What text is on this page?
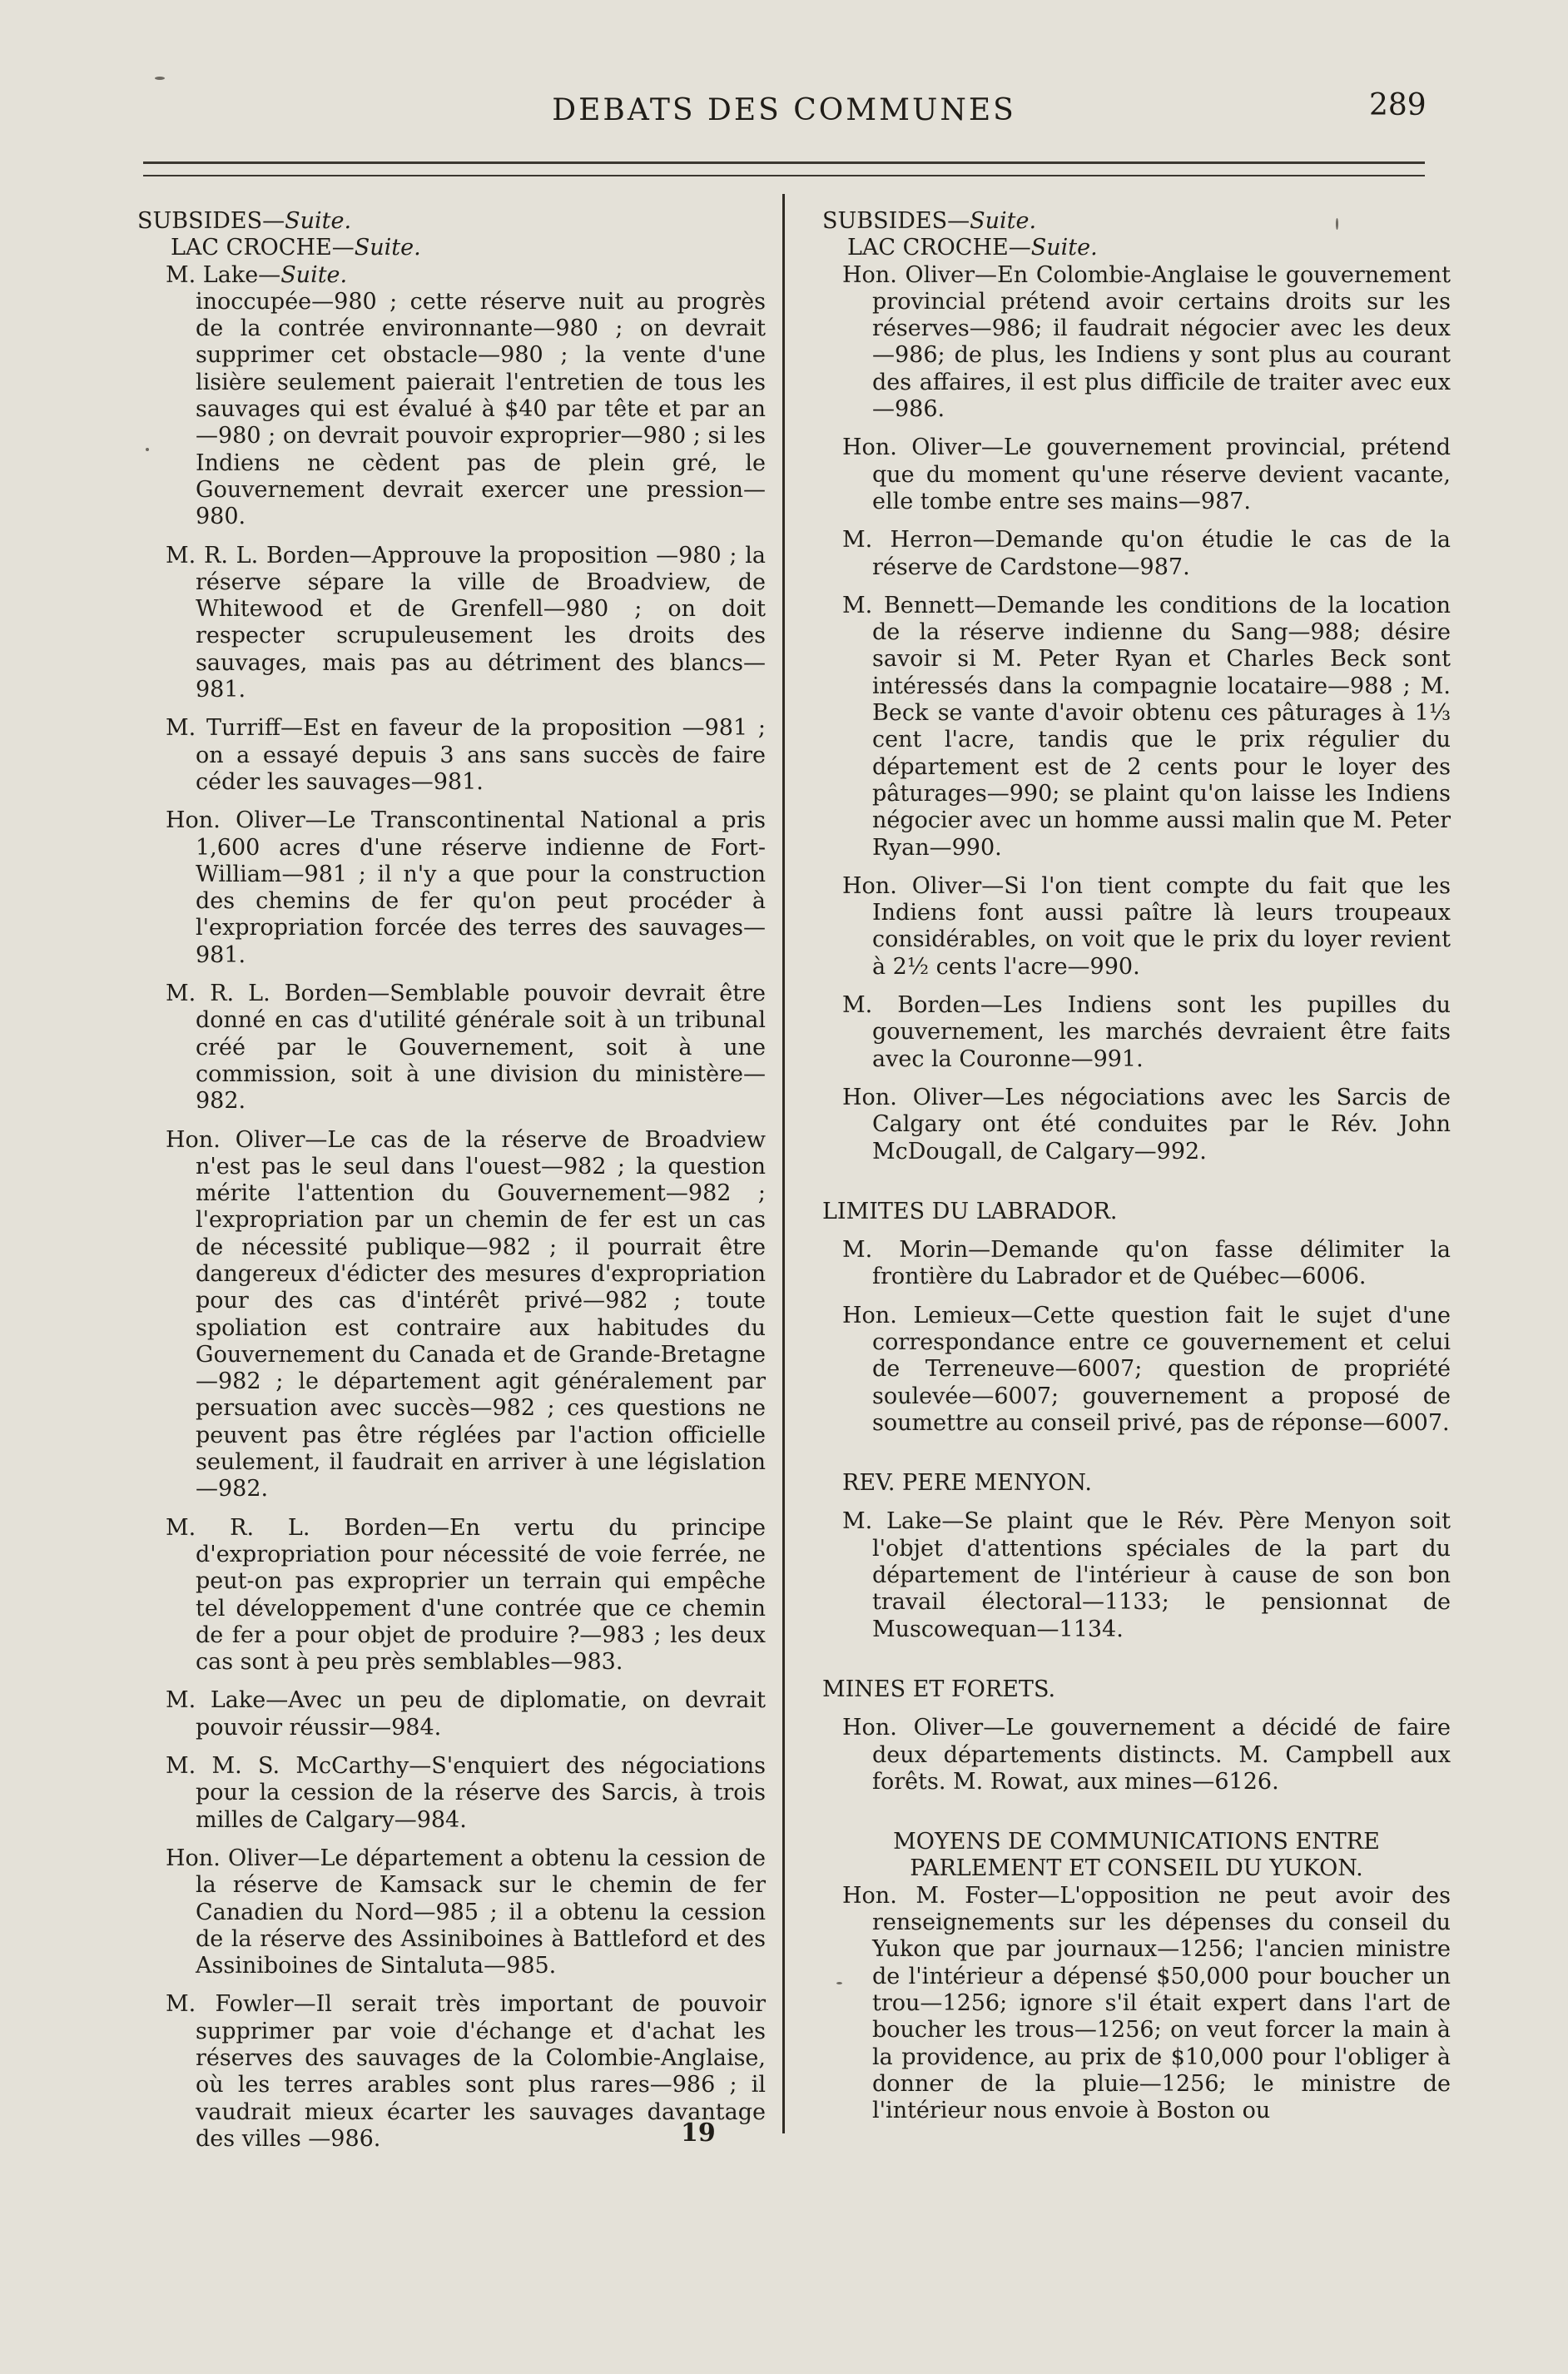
DEBATS DES COMMUNES	289

SUBSIDES—Suite.

LAC CROCHE—Suite.

M. Lake—Suite.

inoccupée—980 ; cette réserve nuit au progrès de la contrée environnante—980 ; on devrait supprimer cet obstacle—980 ; la vente d'une lisière seulement paierait l'entretien de tous les sauvages qui est évalué à $40 par tête et par an—980 ; on devrait pouvoir exproprier—980 ; si les Indiens ne cèdent pas de plein gré, le Gouvernement devrait exercer une pression—980.

M. R. L. Borden—Approuve la proposition —980 ; la réserve sépare la ville de Broadview, de Whitewood et de Grenfell—980 ; on doit respecter scrupuleusement les droits des sauvages, mais pas au détriment des blancs—981.

M. Turriff—Est en faveur de la proposition —981 ; on a essayé depuis 3 ans sans succès de faire céder les sauvages—981.

Hon. Oliver—Le Transcontinental National a pris 1,600 acres d'une réserve indienne de Fort-William—981 ; il n'y a que pour la construction des chemins de fer qu'on peut procéder à l'expropriation forcée des terres des sauvages—981.

M. R. L. Borden—Semblable pouvoir devrait être donné en cas d'utilité générale soit à un tribunal créé par le Gouvernement, soit à une commission, soit à une division du ministère—982.

Hon. Oliver—Le cas de la réserve de Broadview n'est pas le seul dans l'ouest—982 ; la question mérite l'attention du Gouvernement—982 ; l'expropriation par un chemin de fer est un cas de nécessité publique—982 ; il pourrait être dangereux d'édicter des mesures d'expropriation pour des cas d'intérêt privé—982 ; toute spoliation est contraire aux habitudes du Gouvernement du Canada et de Grande-Bretagne—982 ; le département agit généralement par persuation avec succès—982 ; ces questions ne peuvent pas être réglées par l'action officielle seulement, il faudrait en arriver à une législation—982.

M. R. L. Borden—En vertu du principe d'expropriation pour nécessité de voie ferrée, ne peut-on pas exproprier un terrain qui empêche tel développement d'une contrée que ce chemin de fer a pour objet de produire ?—983 ; les deux cas sont à peu près semblables—983.

M. Lake—Avec un peu de diplomatie, on devrait pouvoir réussir—984.

M. M. S. McCarthy—S'enquiert des négociations pour la cession de la réserve des Sarcis, à trois milles de Calgary—984.

Hon. Oliver—Le département a obtenu la cession de la réserve de Kamsack sur le chemin de fer Canadien du Nord—985 ; il a obtenu la cession de la réserve des Assiniboines à Battleford et des Assiniboines de Sintaluta—985.

M. Fowler—Il serait très important de pouvoir supprimer par voie d'échange et d'achat les réserves des sauvages de la Colombie-Anglaise, où les terres arables sont plus rares—986 ; il vaudrait mieux écarter les sauvages davantage des villes —986.

SUBSIDES—Suite.

LAC CROCHE—Suite.

Hon. Oliver—En Colombie-Anglaise le gouvernement provincial prétend avoir certains droits sur les réserves—986; il faudrait négocier avec les deux—986; de plus, les Indiens y sont plus au courant des affaires, il est plus difficile de traiter avec eux—986.

Hon. Oliver—Le gouvernement provincial, prétend que du moment qu'une réserve devient vacante, elle tombe entre ses mains—987.

M. Herron—Demande qu'on étudie le cas de la réserve de Cardstone—987.

M. Bennett—Demande les conditions de la location de la réserve indienne du Sang—988; désire savoir si M. Peter Ryan et Charles Beck sont intéressés dans la compagnie locataire—988 ; M. Beck se vante d'avoir obtenu ces pâturages à 1⅓ cent l'acre, tandis que le prix régulier du département est de 2 cents pour le loyer des pâturages—990; se plaint qu'on laisse les Indiens négocier avec un homme aussi malin que M. Peter Ryan—990.

Hon. Oliver—Si l'on tient compte du fait que les Indiens font aussi paître là leurs troupeaux considérables, on voit que le prix du loyer revient à 2½ cents l'acre—990.

M. Borden—Les Indiens sont les pupilles du gouvernement, les marchés devraient être faits avec la Couronne—991.

Hon. Oliver—Les négociations avec les Sarcis de Calgary ont été conduites par le Rév. John McDougall, de Calgary—992.

LIMITES DU LABRADOR.

M. Morin—Demande qu'on fasse délimiter la frontière du Labrador et de Québec—6006.

Hon. Lemieux—Cette question fait le sujet d'une correspondance entre ce gouvernement et celui de Terreneuve—6007; question de propriété soulevée—6007; gouvernement a proposé de soumettre au conseil privé, pas de réponse—6007.

REV. PERE MENYON.

M. Lake—Se plaint que le Rév. Père Menyon soit l'objet d'attentions spéciales de la part du département de l'intérieur à cause de son bon travail électoral—1133; le pensionnat de Muscowequan—1134.

MINES ET FORETS.

Hon. Oliver—Le gouvernement a décidé de faire deux départements distincts. M. Campbell aux forêts. M. Rowat, aux mines—6126.

MOYENS DE COMMUNICATIONS ENTRE PARLEMENT ET CONSEIL DU YUKON.

Hon. M. Foster—L'opposition ne peut avoir des renseignements sur les dépenses du conseil du Yukon que par journaux—1256; l'ancien ministre de l'intérieur a dépensé $50,000 pour boucher un trou—1256; ignore s'il était expert dans l'art de boucher les trous—1256; on veut forcer la main à la providence, au prix de $10,000 pour l'obliger à donner de la pluie—1256; le ministre de l'intérieur nous envoie à Boston ou

19
